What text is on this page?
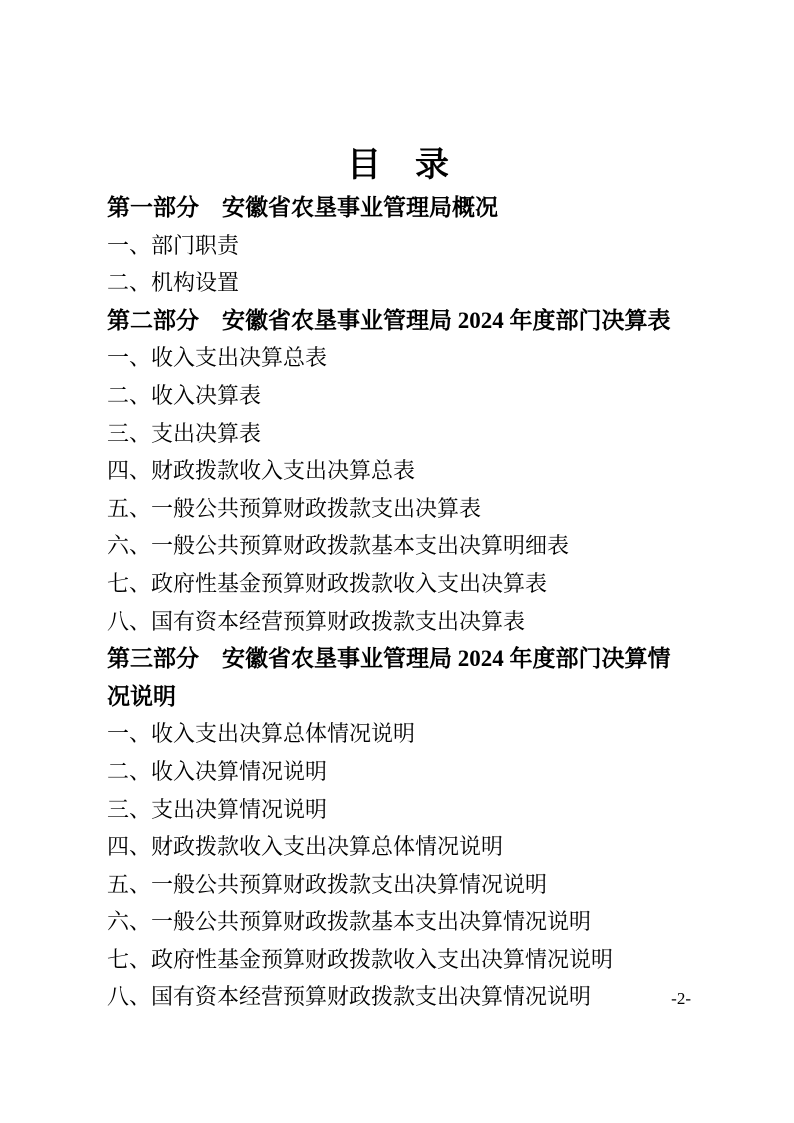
目　录
第一部分　安徽省农垦事业管理局概况
一、部门职责
二、机构设置
第二部分　安徽省农垦事业管理局 2024 年度部门决算表
一、收入支出决算总表
二、收入决算表
三、支出决算表
四、财政拨款收入支出决算总表
五、一般公共预算财政拨款支出决算表
六、一般公共预算财政拨款基本支出决算明细表
七、政府性基金预算财政拨款收入支出决算表
八、国有资本经营预算财政拨款支出决算表
第三部分　安徽省农垦事业管理局 2024 年度部门决算情况说明
一、收入支出决算总体情况说明
二、收入决算情况说明
三、支出决算情况说明
四、财政拨款收入支出决算总体情况说明
五、一般公共预算财政拨款支出决算情况说明
六、一般公共预算财政拨款基本支出决算情况说明
七、政府性基金预算财政拨款收入支出决算情况说明
八、国有资本经营预算财政拨款支出决算情况说明	-2-
